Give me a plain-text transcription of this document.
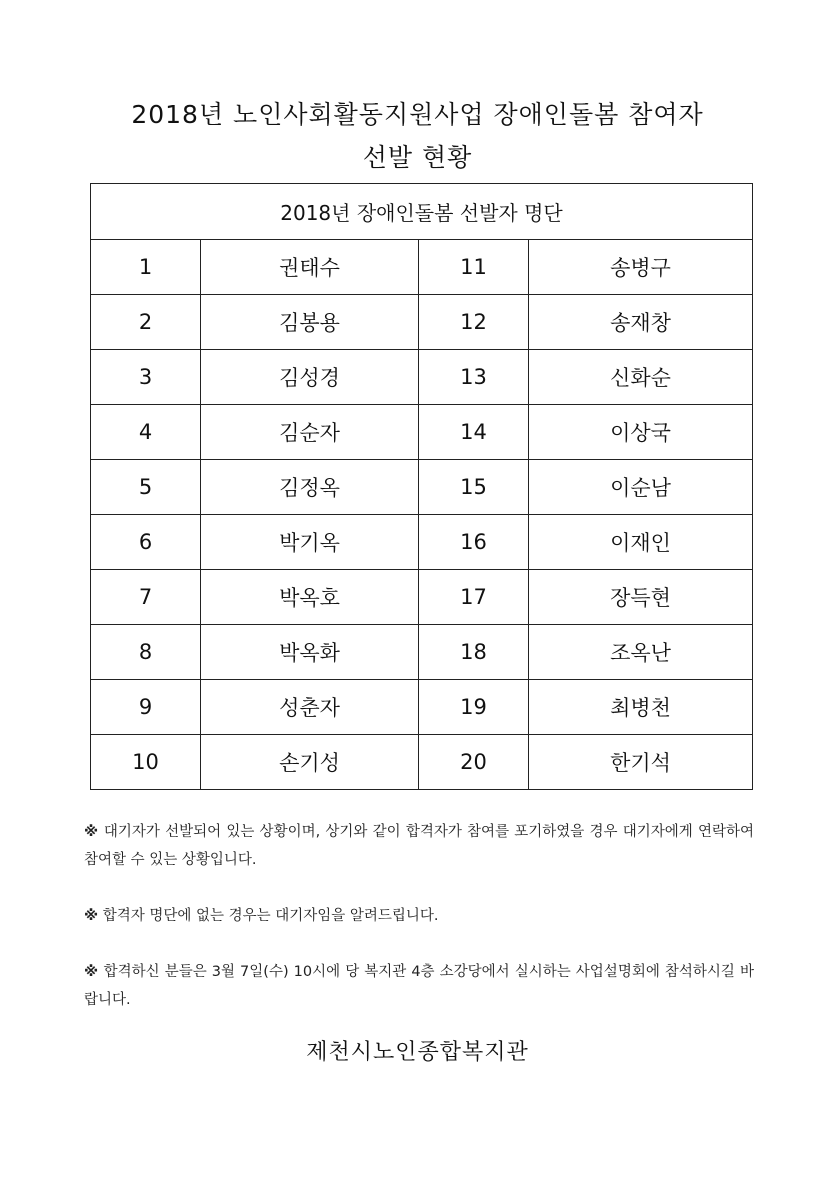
2018년 노인사회활동지원사업 장애인돌봄 참여자
선발 현황
2018년 장애인돌봄 선발자 명단			
1	권태수	11	송병구
2	김봉용	12	송재창
3	김성경	13	신화순
4	김순자	14	이상국
5	김정옥	15	이순남
6	박기옥	16	이재인
7	박옥호	17	장득현
8	박옥화	18	조옥난
9	성춘자	19	최병천
10	손기성	20	한기석
※ 대기자가 선발되어 있는 상황이며, 상기와 같이 합격자가 참여를 포기하였을 경우 대기자에게 연락하여 참여할 수 있는 상황입니다.
※ 합격자 명단에 없는 경우는 대기자임을 알려드립니다.
※ 합격하신 분들은 3월 7일(수) 10시에 당 복지관 4층 소강당에서 실시하는 사업설명회에 참석하시길 바랍니다.
제천시노인종합복지관
